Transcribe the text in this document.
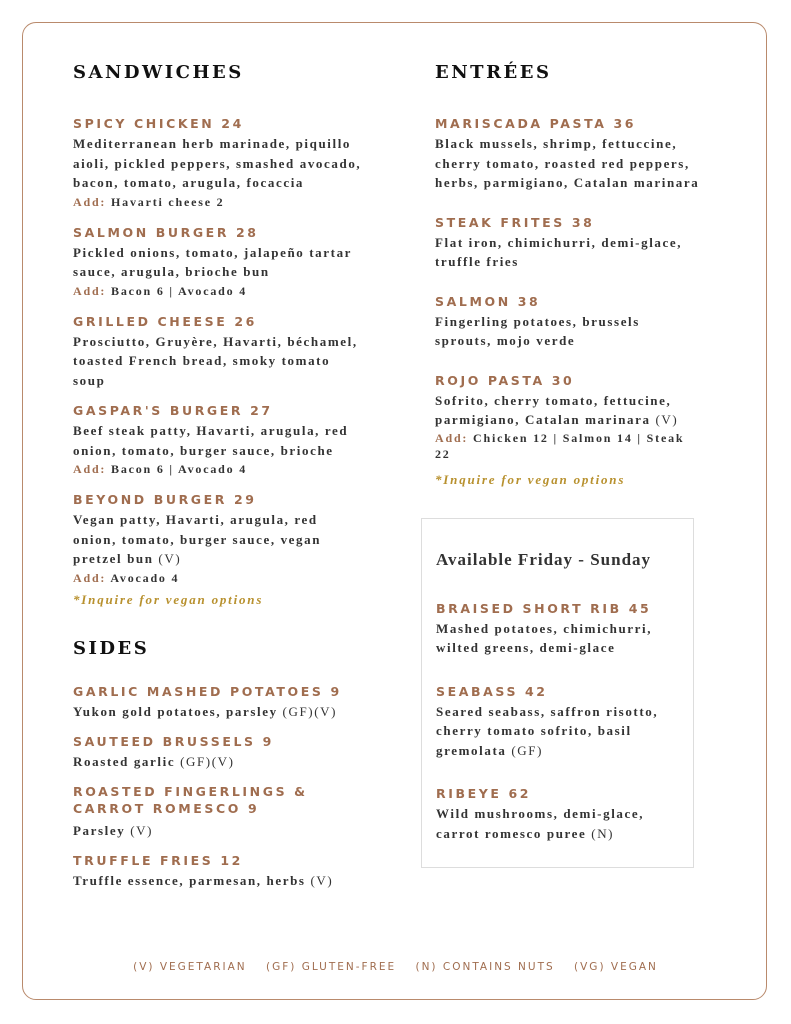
SANDWICHES
SPICY CHICKEN 24
Mediterranean herb marinade, piquillo aioli, pickled peppers, smashed avocado, bacon, tomato, arugula, focaccia
Add: Havarti cheese 2
SALMON BURGER 28
Pickled onions, tomato, jalapeño tartar sauce, arugula, brioche bun
Add: Bacon 6 | Avocado 4
GRILLED CHEESE 26
Prosciutto, Gruyère, Havarti, béchamel, toasted French bread, smoky tomato soup
GASPAR'S BURGER 27
Beef steak patty, Havarti, arugula, red onion, tomato, burger sauce, brioche
Add: Bacon 6 | Avocado 4
BEYOND BURGER 29
Vegan patty, Havarti, arugula, red onion, tomato, burger sauce, vegan pretzel bun (V)
Add: Avocado 4
*Inquire for vegan options
SIDES
GARLIC MASHED POTATOES 9
Yukon gold potatoes, parsley (GF)(V)
SAUTEED BRUSSELS 9
Roasted garlic (GF)(V)
ROASTED FINGERLINGS & CARROT ROMESCO 9
Parsley (V)
TRUFFLE FRIES 12
Truffle essence, parmesan, herbs (V)
ENTRÉES
MARISCADA PASTA 36
Black mussels, shrimp, fettuccine, cherry tomato, roasted red peppers, herbs, parmigiano, Catalan marinara
STEAK FRITES 38
Flat iron, chimichurri, demi-glace, truffle fries
SALMON 38
Fingerling potatoes, brussels sprouts, mojo verde
ROJO PASTA 30
Sofrito, cherry tomato, fettucine, parmigiano, Catalan marinara (V)
Add: Chicken 12 | Salmon 14 | Steak 22
*Inquire for vegan options
Available Friday - Sunday
BRAISED SHORT RIB 45
Mashed potatoes, chimichurri, wilted greens, demi-glace
SEABASS 42
Seared seabass, saffron risotto, cherry tomato sofrito, basil gremolata (GF)
RIBEYE 62
Wild mushrooms, demi-glace, carrot romesco puree (N)
(V) VEGETARIAN (GF) GLUTEN-FREE (N) CONTAINS NUTS (VG) VEGAN
